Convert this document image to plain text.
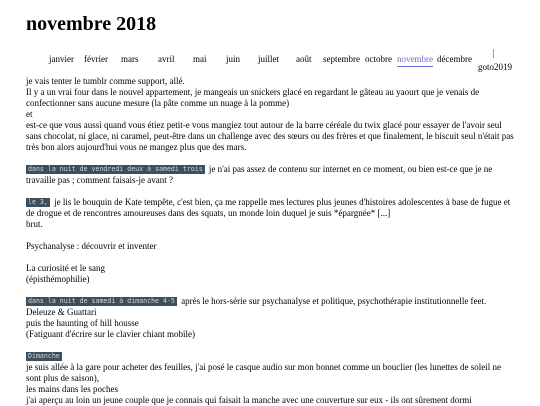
novembre 2018
janvier février mars avril mai juin juillet août septembre octobre novembre décembre
goto2019

je vais tenter le tumblr comme support, allé.

Il y a un vrai four dans le nouvel appartement, je mangeais un snickers glacé en regardant le gâteau au yaourt que je venais de confectionner sans aucune mesure (la pâte comme un nuage à la pomme)

et

est-ce que vous aussi quand vous étiez petit-e vous mangiez tout autour de la barre céréale du twix glacé pour essayer de l'avoir seul sans chocolat, ni glace, ni caramel, peut-être dans un challenge avec des sœurs ou des frères et que finalement, le biscuit seul n'était pas très bon alors aujourd'hui vous ne mangez plus que des mars.

dans la nuit de vendredi deux à samedi trois je n'ai pas assez de contenu sur internet en ce moment, ou bien est-ce que je ne travaille pas ; comment faisais-je avant ?

le 3, je lis le bouquin de Kate tempête, c'est bien, ça me rappelle mes lectures plus jeunes d'histoires adolescentes à base de fugue et de drogue et de rencontres amoureuses dans des squats, un monde loin duquel je suis *épargnée* [...]

brut.

Psychanalyse : découvrir et inventer

La curiosité et le sang

(épisthémophilie)

dans la nuit de samedi à dimanche 4-5 après le hors-série sur psychanalyse et politique, psychothérapie institutionnelle feet.

Deleuze & Guattari

puis the haunting of hill housse

(Fatiguant d'écrire sur le clavier chiant mobile)

Dimanche

je suis allée à la gare pour acheter des feuilles, j'ai posé le casque audio sur mon bonnet comme un bouclier (les lunettes de soleil ne sont plus de saison),

les mains dans les poches

j'ai aperçu au loin un jeune couple que je connais qui faisait la manche avec une couverture sur eux - ils ont sûrement dormi
